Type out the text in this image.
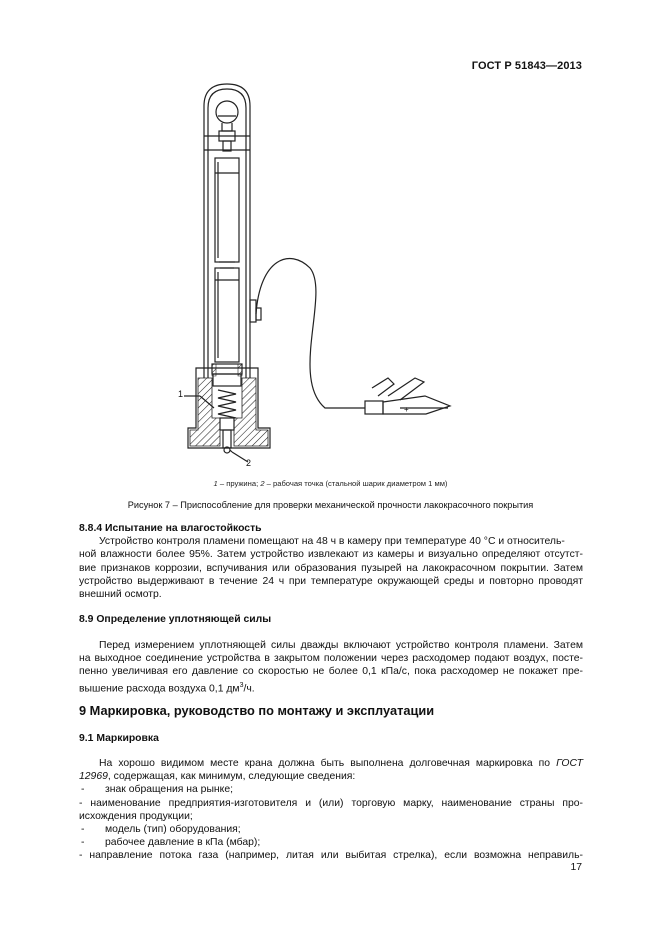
ГОСТ Р 51843—2013
1
2
+
1 – пружина; 2 – рабочая точка (стальной шарик диаметром 1 мм)
Рисунок 7 – Приспособление для проверки механической прочности лакокрасочного покрытия
8.8.4 Испытание на влагостойкость
Устройство контроля пламени помещают на 48 ч в камеру при температуре 40 °С и относитель-
ной влажности более 95%. Затем устройство извлекают из камеры и визуально определяют отсутст-
вие признаков коррозии, вспучивания или образования пузырей на лакокрасочном покрытии. Затем
устройство выдерживают в течение 24 ч при температуре окружающей среды и повторно проводят
внешний осмотр.
8.9 Определение уплотняющей силы
Перед измерением уплотняющей силы дважды включают устройство контроля пламени. Затем
на выходное соединение устройства в закрытом положении через расходомер подают воздух, посте-
пенно увеличивая его давление со скоростью не более 0,1 кПа/с, пока расходомер не покажет пре-
вышение расхода воздуха 0,1 $дм^3/ч$.
9 Маркировка, руководство по монтажу и эксплуатации
9.1 Маркировка
На хорошо видимом месте крана должна быть выполнена долговечная маркировка по ГОСТ
12969, содержащая, как минимум, следующие сведения:
-	знак обращения на рынке;
- наименование предприятия-изготовителя и (или) торговую марку, наименование страны про-
исхождения продукции;
-	модель (тип) оборудования;
-	рабочее давление в кПа (мбар);
- направление потока газа (например, литая или выбитая стрелка), если возможна неправиль-
17
